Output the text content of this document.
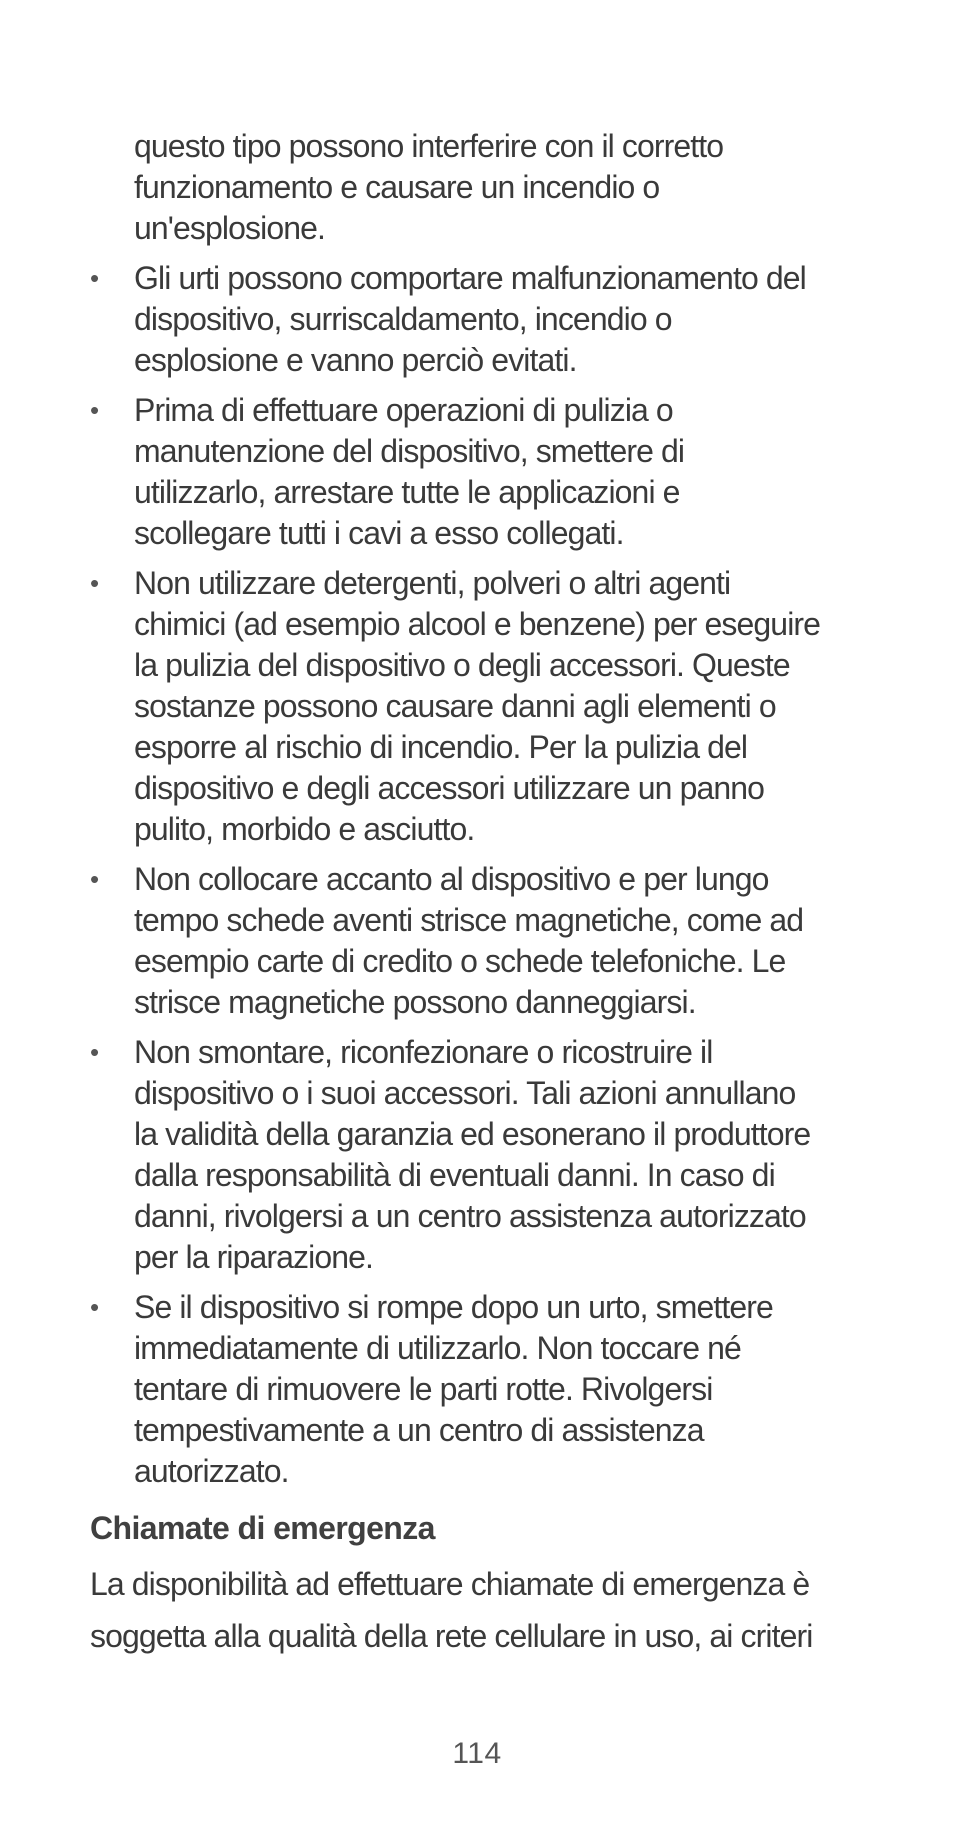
questo tipo possono interferire con il corretto
funzionamento e causare un incendio o
un'esplosione.
• Gli urti possono comportare malfunzionamento del
dispositivo, surriscaldamento, incendio o
esplosione e vanno perciò evitati.
• Prima di effettuare operazioni di pulizia o
manutenzione del dispositivo, smettere di
utilizzarlo, arrestare tutte le applicazioni e
scollegare tutti i cavi a esso collegati.
• Non utilizzare detergenti, polveri o altri agenti
chimici (ad esempio alcool e benzene) per eseguire
la pulizia del dispositivo o degli accessori. Queste
sostanze possono causare danni agli elementi o
esporre al rischio di incendio. Per la pulizia del
dispositivo e degli accessori utilizzare un panno
pulito, morbido e asciutto.
• Non collocare accanto al dispositivo e per lungo
tempo schede aventi strisce magnetiche, come ad
esempio carte di credito o schede telefoniche. Le
strisce magnetiche possono danneggiarsi.
• Non smontare, riconfezionare o ricostruire il
dispositivo o i suoi accessori. Tali azioni annullano
la validità della garanzia ed esonerano il produttore
dalla responsabilità di eventuali danni. In caso di
danni, rivolgersi a un centro assistenza autorizzato
per la riparazione.
• Se il dispositivo si rompe dopo un urto, smettere
immediatamente di utilizzarlo. Non toccare né
tentare di rimuovere le parti rotte. Rivolgersi
tempestivamente a un centro di assistenza
autorizzato.
Chiamate di emergenza
La disponibilità ad effettuare chiamate di emergenza è
soggetta alla qualità della rete cellulare in uso, ai criteri
114
